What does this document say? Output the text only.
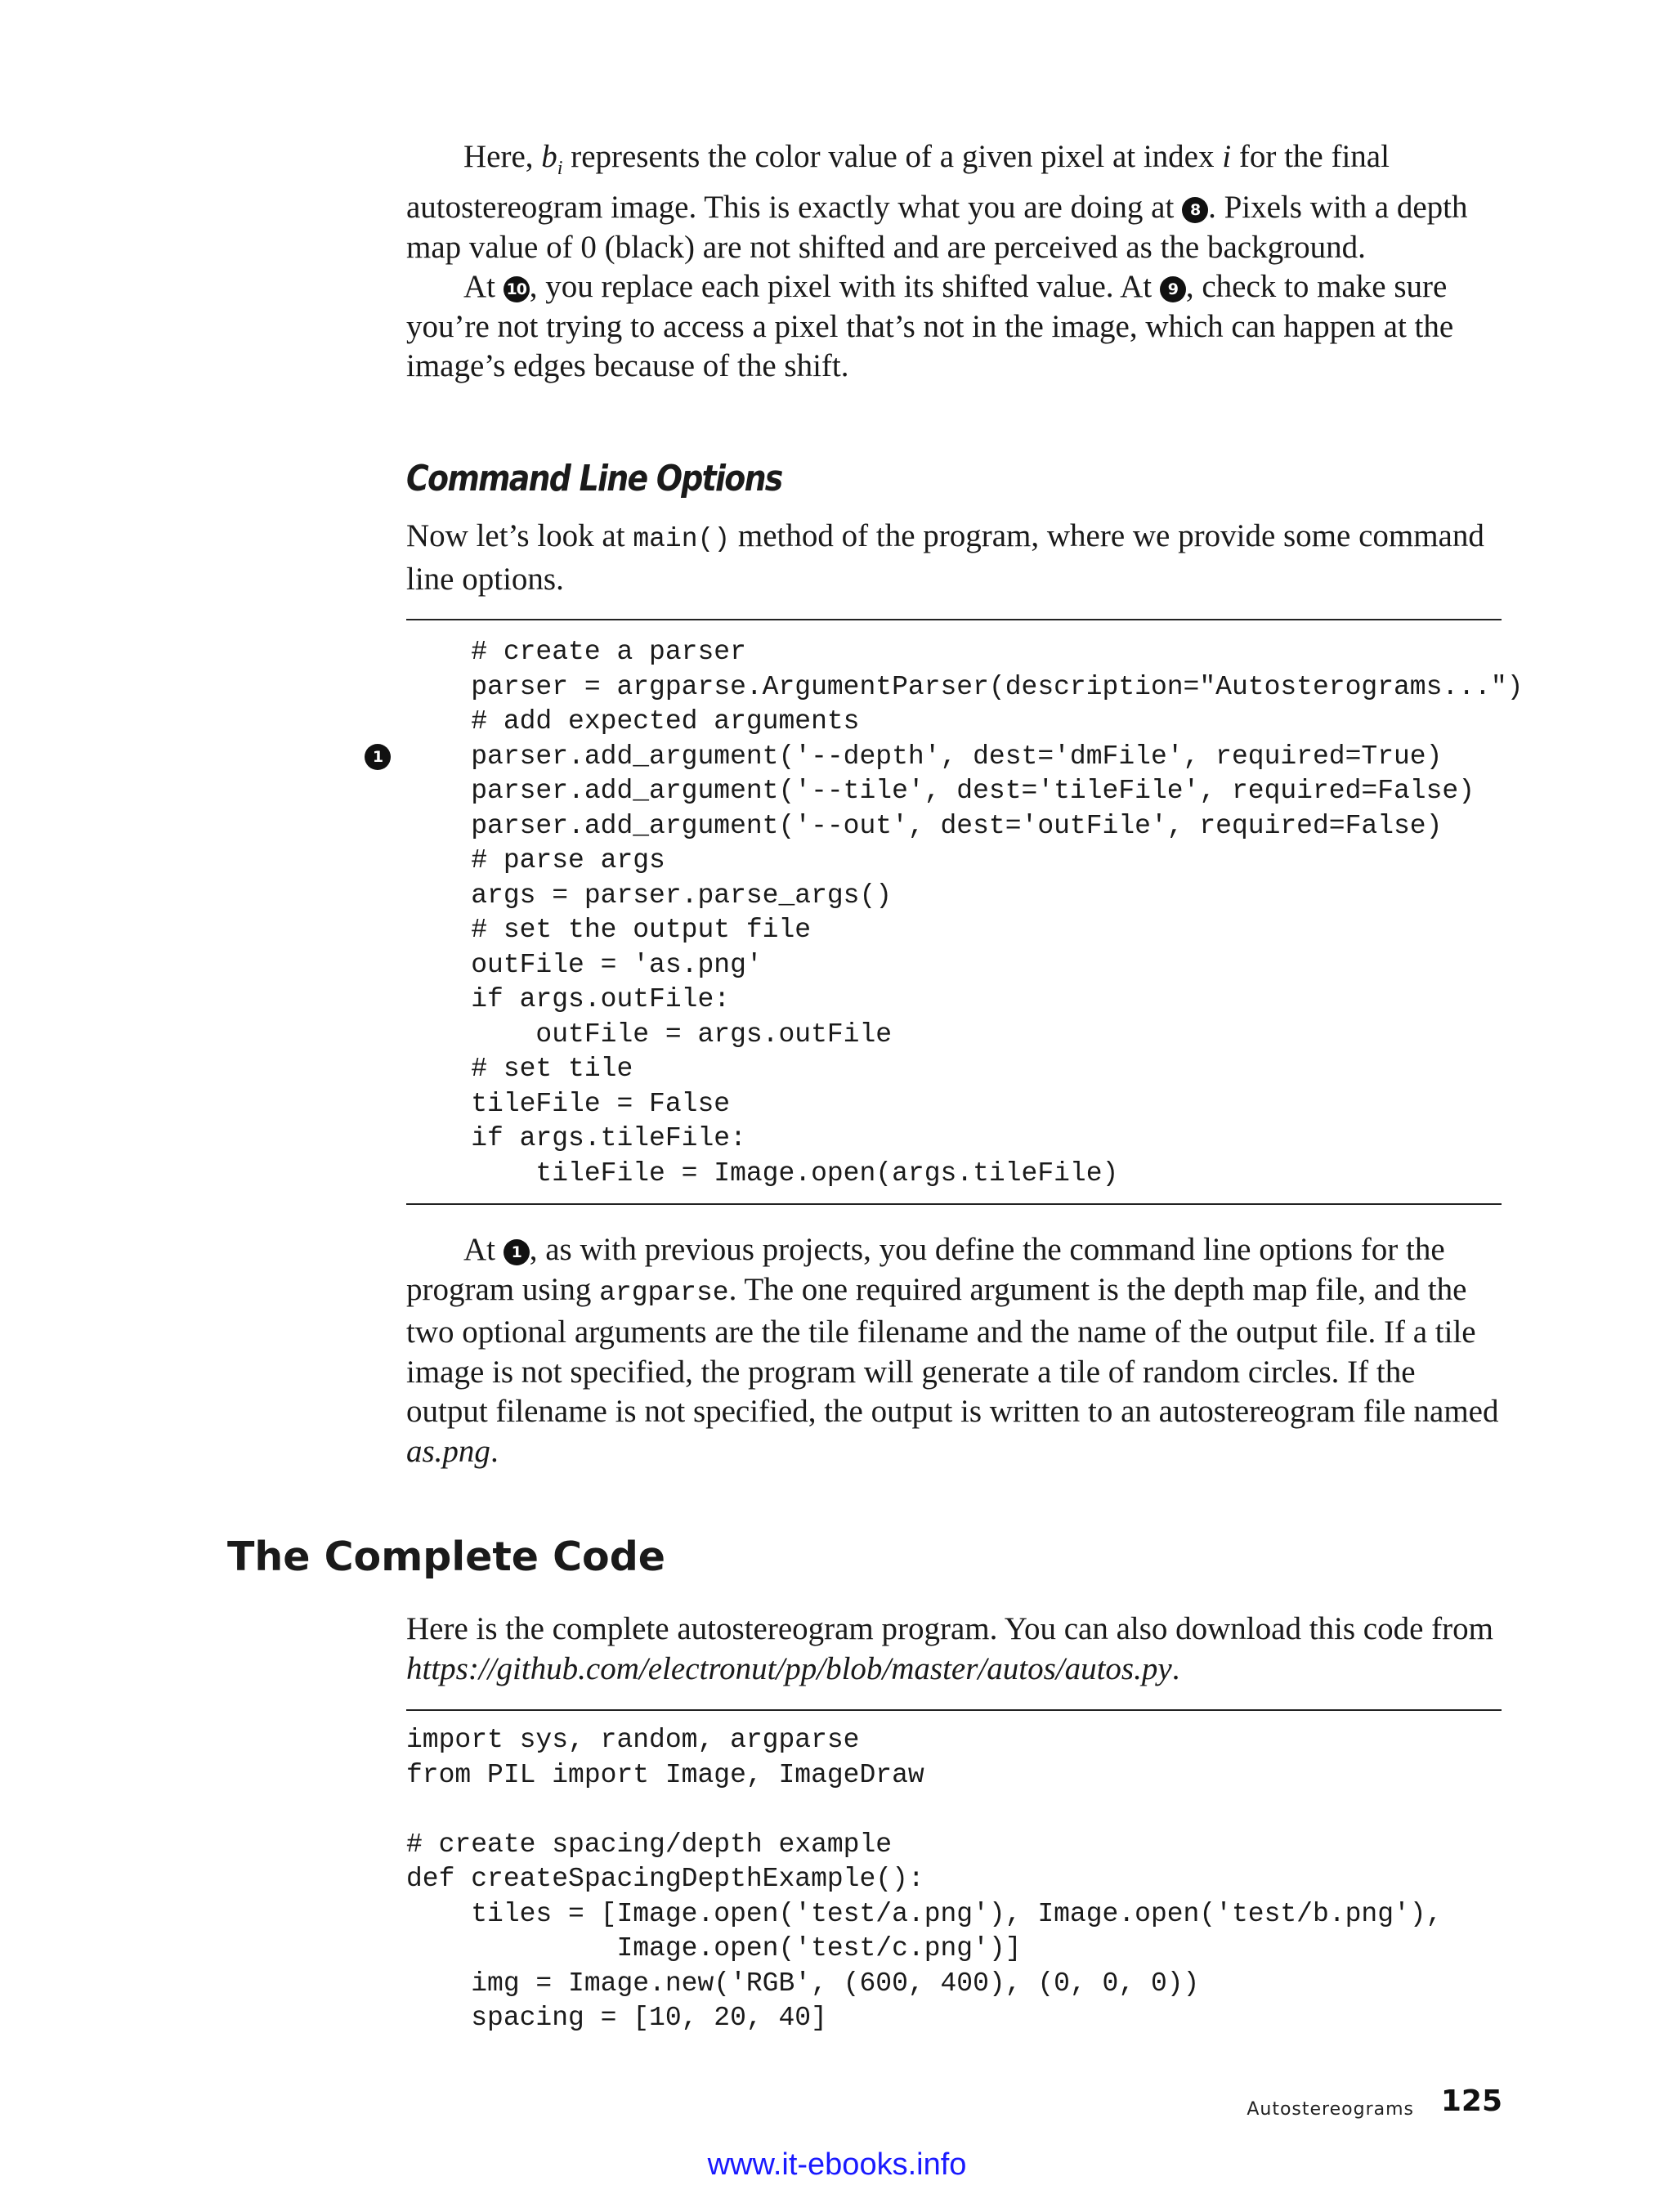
Here, $b_i$ represents the color value of a given pixel at index i for the final autostereogram image. This is exactly what you are doing at 8 . Pixels with a depth map value of 0 (black) are not shifted and are perceived as the background.

At 10, you replace each pixel with its shifted value. At 9 , check to make sure you’re not trying to access a pixel that’s not in the image, which can happen at the image’s edges because of the shift.

Command Line Options

Now let’s look at main() method of the program, where we provide some command line options.

# create a parser
parser = argparse.ArgumentParser(description="Autosterograms...")
# add expected arguments
parser.add_argument('--depth', dest='dmFile', required=True)
parser.add_argument('--tile', dest='tileFile', required=False)
parser.add_argument('--out', dest='outFile', required=False)
# parse args
args = parser.parse_args()
# set the output file
outFile = 'as.png'
if args.outFile:
outFile = args.outFile
# set tile
tileFile = False
if args.tileFile:
tileFile = Image.open(args.tileFile)
1

At 1 , as with previous projects, you define the command line options for the program using argparse. The one required argument is the depth map file, and the two optional arguments are the tile filename and the name of the output file. If a tile image is not specified, the program will generate a tile of random circles. If the output filename is not specified, the output is written to an autostereogram file named as.png.

The Complete Code

Here is the complete autostereogram program. You can also download this code from https://github.com/electronut/pp/blob/master/autos/autos.py.

import sys, random, argparse
from PIL import Image, ImageDraw
# create spacing/depth example
def createSpacingDepthExample():
tiles = [Image.open('test/a.png'), Image.open('test/b.png'),
Image.open('test/c.png')]
img = Image.new('RGB', (600, 400), (0, 0, 0))
spacing = [10, 20, 40]
Autostereograms 125
www.it-ebooks.info
